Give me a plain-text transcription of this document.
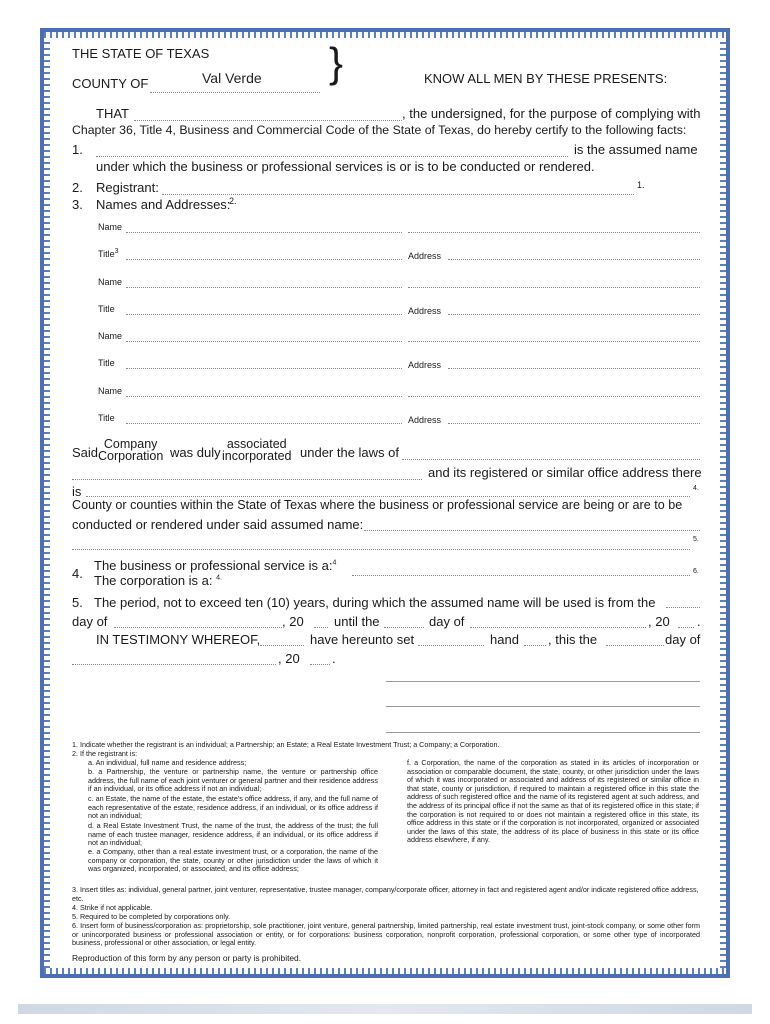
THE STATE OF TEXAS
COUNTY OF	Val Verde }	KNOW ALL MEN BY THESE PRESENTS:
THAT	, the undersigned, for the purpose of complying with
Chapter 36, Title 4, Business and Commercial Code of the State of Texas, do hereby certify to the following facts:
1.	is the assumed name
under which the business or professional services is or is to be conducted or rendered.
2. Registrant:	1.
3. Names and Addresses:
2.
Name
Title$^3$	Address
Name
Title	Address
Name
Title	Address
Name
Title	Address
Said
Company
Corporation was duly
associated
incorporated under the laws of
and its registered or similar office address there
is	4.
County or counties within the State of Texas where the business or professional service are being or are to be
conducted or rendered under said assumed name:
5.
4.
The business or professional service is a:$^4$
The corporation is a: $^{4.}$
6.
5. The period, not to exceed ten (10) years, during which the assumed name will be used is from the
day of	, 20 until the	day of	, 20 .
IN TESTIMONY WHEREOF,	have hereunto set	hand , this the	day of
, 20 .
1. Indicate whether the registrant is an individual; a Partnership; an Estate; a Real Estate Investment Trust; a Company; a Corporation.
2. If the registrant is:
a. An individual, full name and residence address;
b. a Partnership, the venture or partnership name, the venture or partnership office address, the full name of each joint venturer or general partner and their residence address if an individual, or its office address if not an individual;
c. an Estate, the name of the estate, the estate's office address, if any, and the full name of each representative of the estate, residence address, if an individual, or its office address if not an individual;
d. a Real Estate Investment Trust, the name of the trust, the address of the trust; the full name of each trustee manager, residence address, if an individual, or its office address if not an individual;
e. a Company, other than a real estate investment trust, or a corporation, the name of the company or corporation, the state, county or other jurisdiction under the laws of which it was organized, incorporated, or associated, and its office address;
f. a Corporation, the name of the corporation as stated in its articles of incorporation or association or comparable document, the state, county, or other jurisdiction under the laws of which it was incorporated or associated and address of its registered or similar office in that state, county or jurisdiction, if required to maintain a registered office in this state the address of such registered office and the name of its registered agent at such address, and the address of its principal office if not the same as that of its registered office in this state; if the corporation is not required to or does not maintain a registered office in this state, its office address in this state or if the corporation is not incorporated, organized or associated under the laws of this state, the address of its place of business in this state or its office address elsewhere, if any.
3. Insert titles as: individual, general partner, joint venturer, representative, trustee manager, company/corporate officer, attorney in fact and registered agent and/or indicate registered office address, etc.
4. Strike if not applicable.
5. Required to be completed by corporations only.
6. Insert form of business/corporation as: proprietorship, sole practitioner, joint venture, general partnership, limited partnership, real estate investment trust, joint-stock company, or some other form or unincorporated business or professional association or entity, or for corporations: business corporation, nonprofit corporation, professional corporation, or some other type of incorporated business, professional or other association, or legal entity.
Reproduction of this form by any person or party is prohibited.
